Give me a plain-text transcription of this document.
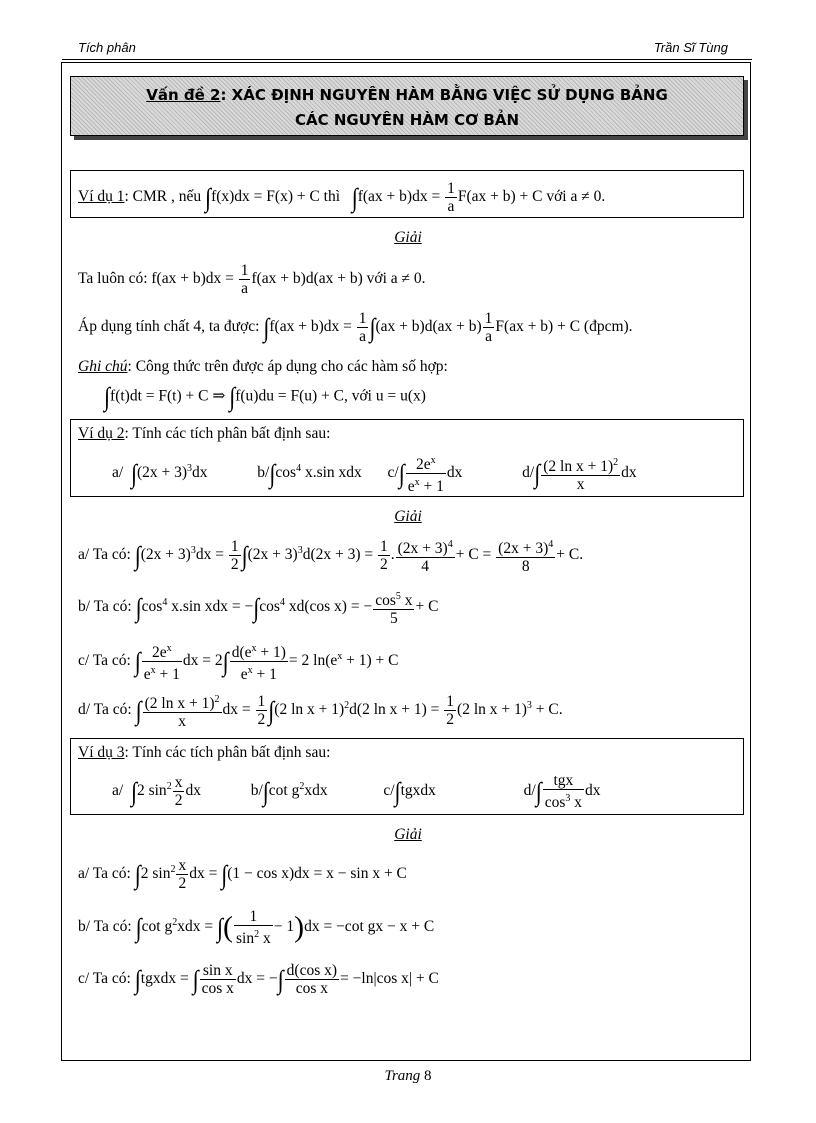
Tích phân	Trần Sĩ Tùng
Vấn đề 2: XÁC ĐỊNH NGUYÊN HÀM BẰNG VIỆC SỬ DỤNG BẢNG
CÁC NGUYÊN HÀM CƠ BẢN
Ví dụ 1: CMR , nếu ∫f(x)dx = F(x) + C thì $\int f(ax + b)dx = \frac{1}{a} F(ax + b) + C$ với a ≠ 0.
Giải
Ta luôn có: $f(ax + b)dx = \frac{1}{a} f(ax + b)d(ax + b)$ với a ≠ 0.
Áp dụng tính chất 4, ta được: $\int f(ax + b)dx = \frac{1}{a} \int(ax + b)d(ax + b) \frac{1}{a} F(ax + b) + C$ (đpcm).
Ghi chú: Công thức trên được áp dụng cho các hàm số hợp:
∫f(t)dt = F(t) + C ⇒ ∫f(u)du = F(u) + C, với u = u(x)
Ví dụ 2: Tính các tích phân bất định sau:
a/ $\int(2x + 3)^3dx$	$b/\int\cos^4$ x.sin xdx $c/\int \frac{2e^x}{e^x + 1}$ dx	$d/\int \frac{(2 \ln x + 1)^2}{x}$ dx
Giải
a/ Ta có: $\int(2x + 3)^3dx = \frac{1}{2} \int(2x + 3)^3d(2x + 3) = \frac{1}{2}$ . $\frac{(2x + 3)^4}{4} + C = \frac{(2x + 3)^4}{8} + C$.
b/ Ta có: $\int\cos^4$ x.sin xdx = $-\int\cos^4$ xd(cos x) = − $\frac{\cos^5 x}{5} + C$
c/ Ta có: ∫ $\frac{2e^x}{e^x + 1}$ dx = $2\int \frac{d(e^x + 1)}{e^x + 1} = 2$ $\ln(e^x + 1) + C$
d/ Ta có: ∫ $\frac{(2 \ln x + 1)^2}{x}$ dx = $\frac{1}{2} \int(2$ ln x + 1)$^2$d(2 $\ln x + 1) = \frac{1}{2} (2$ ln x + 1)$^3$ + C.
Ví dụ 3: Tính các tích phân bất định sau:
a/ ∫2 $\sin^2 \frac{x}{2}$ dx	b/∫cot $g^2xdx$	c/∫tgxdx	$d/\int \frac{\text{tgx}}{\cos^3 x}$ dx
Giải
a/ Ta có: ∫2 $\sin^2 \frac{x}{2}$ dx = ∫(1 − cos x)dx = x − sin x + C
b/ Ta có: ∫cot $g^2xdx$ = ∫( $\frac{1}{\sin^2 x} - 1)dx = -\cot$ gx − x + C
c/ Ta có: ∫tgxdx = ∫ $\frac{\text{sin x}}{\text{cos x}}$ dx = −∫ $\frac{\text{d(cos x)}}{\text{cos x}} = -\ln|\cos$ x| + C
Trang 8
